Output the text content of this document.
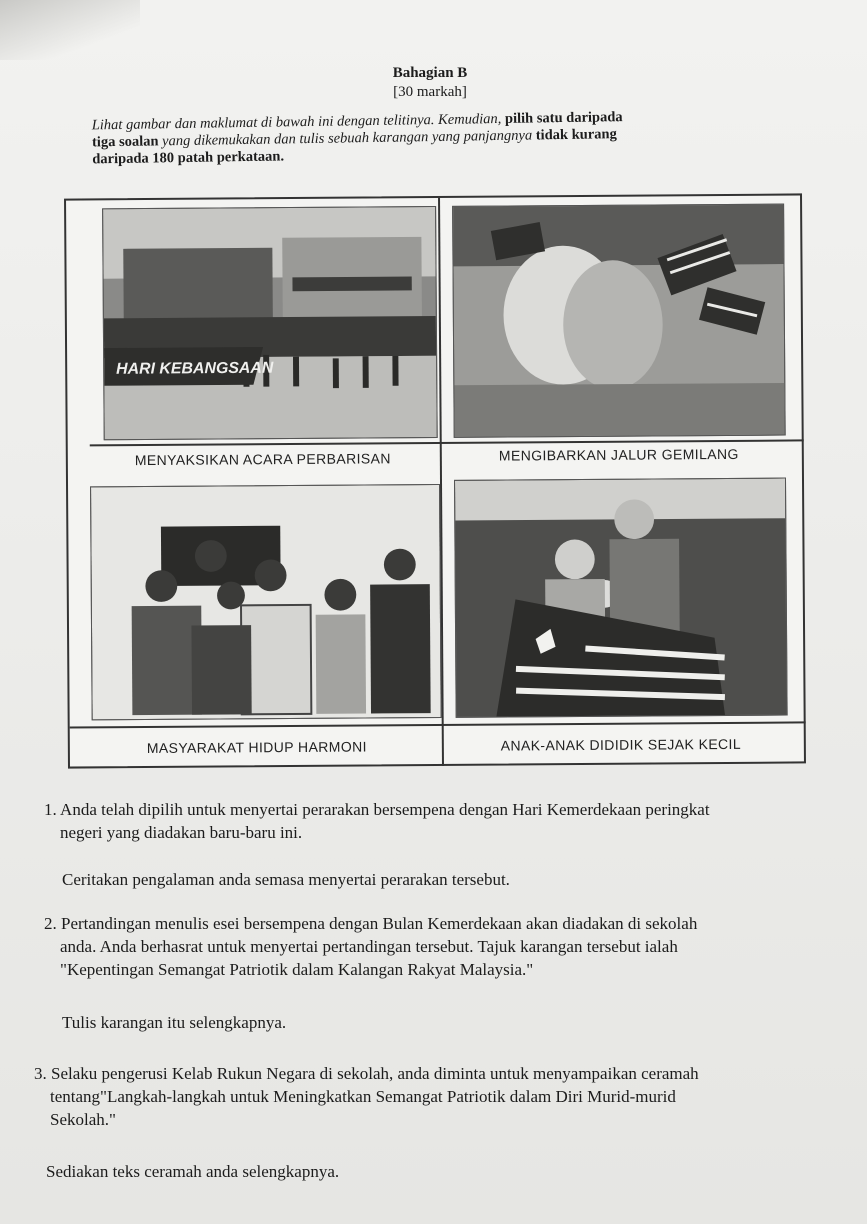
Bahagian B
[30 markah]
Lihat gambar dan maklumat di bawah ini dengan telitinya. Kemudian, pilih satu daripada
tiga soalan yang dikemukakan dan tulis sebuah karangan yang panjangnya tidak kurang
daripada 180 patah perkataan.
HARI KEBANGSAAN
MENYAKSIKAN ACARA PERBARISAN	MENGIBARKAN JALUR GEMILANG
MASYARAKAT HIDUP HARMONI	ANAK-ANAK DIDIDIK SEJAK KECIL
1. Anda telah dipilih untuk menyertai perarakan bersempena dengan Hari Kemerdekaan peringkat
negeri yang diadakan baru-baru ini.
Ceritakan pengalaman anda semasa menyertai perarakan tersebut.
2. Pertandingan menulis esei bersempena dengan Bulan Kemerdekaan akan diadakan di sekolah
anda. Anda berhasrat untuk menyertai pertandingan tersebut. Tajuk karangan tersebut ialah
"Kepentingan Semangat Patriotik dalam Kalangan Rakyat Malaysia."
Tulis karangan itu selengkapnya.
3. Selaku pengerusi Kelab Rukun Negara di sekolah, anda diminta untuk menyampaikan ceramah
tentang"Langkah-langkah untuk Meningkatkan Semangat Patriotik dalam Diri Murid-murid
Sekolah."
Sediakan teks ceramah anda selengkapnya.
